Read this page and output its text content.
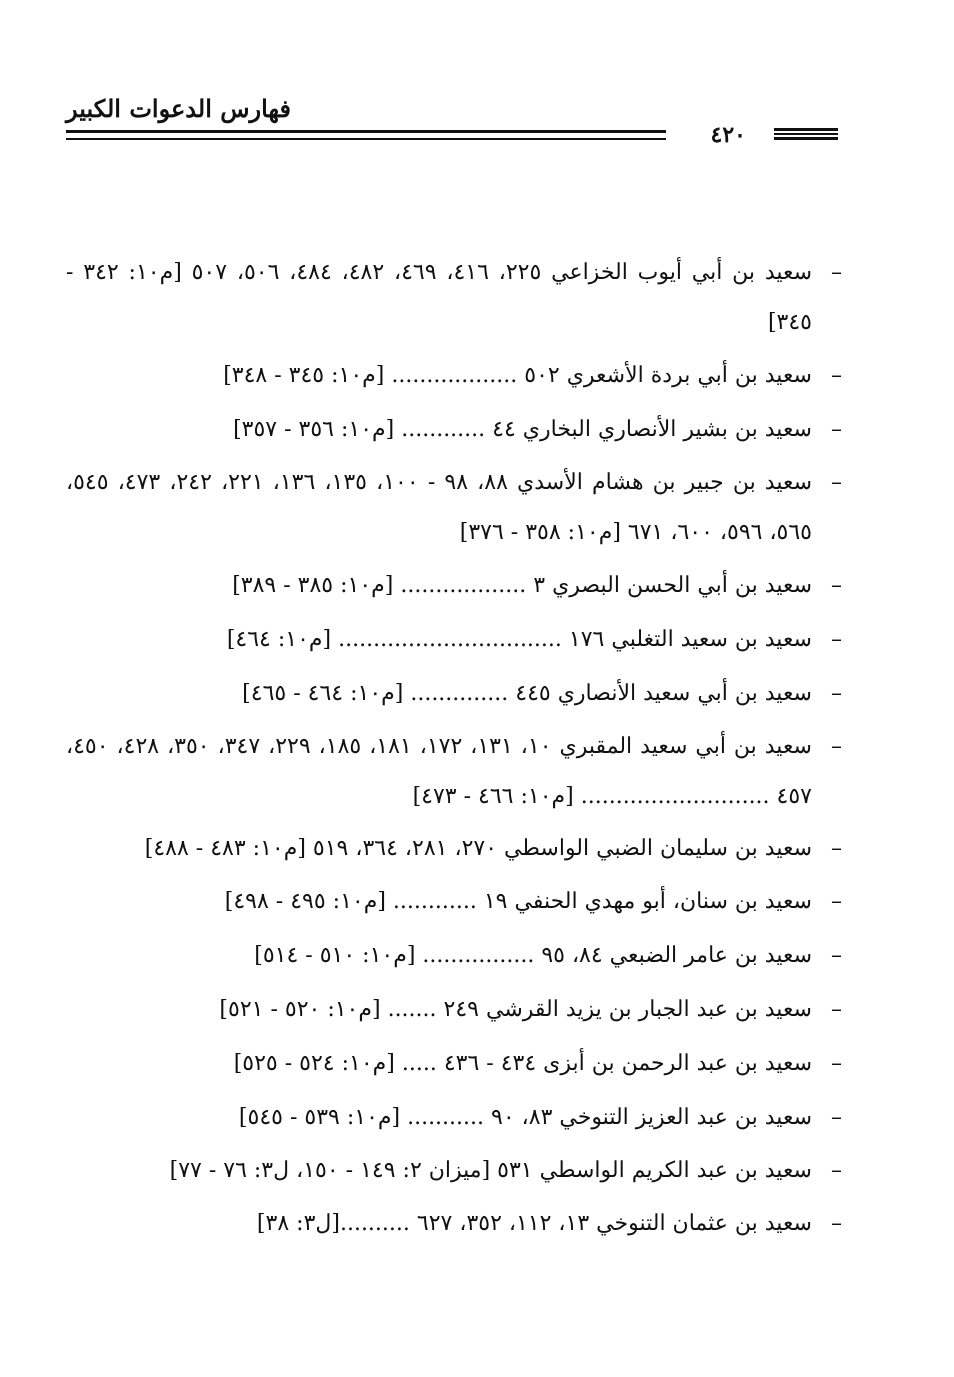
فهارس الدعوات الكبير
٤٢٠
–
سعيد بن أبي أيوب الخزاعي ٢٢٥، ٤١٦، ٤٦٩، ٤٨٢، ٤٨٤، ٥٠٦، ٥٠٧ [م١٠: ٣٤٢ - ٣٤٥]
–
سعيد بن أبي بردة الأشعري ٥٠٢ .................. [م١٠: ٣٤٥ - ٣٤٨]
–
سعيد بن بشير الأنصاري البخاري ٤٤ ............ [م١٠: ٣٥٦ - ٣٥٧]
–
سعيد بن جبير بن هشام الأسدي ٨٨، ٩٨ - ١٠٠، ١٣٥، ١٣٦، ٢٢١، ٢٤٢، ٤٧٣، ٥٤٥، ٥٦٥، ٥٩٦، ٦٠٠، ٦٧١ [م١٠: ٣٥٨ - ٣٧٦]
–
سعيد بن أبي الحسن البصري ٣ .................. [م١٠: ٣٨٥ - ٣٨٩]
–
سعيد بن سعيد التغلبي ١٧٦ ................................ [م١٠: ٤٦٤]
–
سعيد بن أبي سعيد الأنصاري ٤٤٥ .............. [م١٠: ٤٦٤ - ٤٦٥]
–
سعيد بن أبي سعيد المقبري ١٠، ١٣١، ١٧٢، ١٨١، ١٨٥، ٢٢٩، ٣٤٧، ٣٥٠، ٤٢٨، ٤٥٠، ٤٥٧ ........................... [م١٠: ٤٦٦ - ٤٧٣]
–
سعيد بن سليمان الضبي الواسطي ٢٧٠، ٢٨١، ٣٦٤، ٥١٩ [م١٠: ٤٨٣ - ٤٨٨]
–
سعيد بن سنان، أبو مهدي الحنفي ١٩ ............ [م١٠: ٤٩٥ - ٤٩٨]
–
سعيد بن عامر الضبعي ٨٤، ٩٥ ................ [م١٠: ٥١٠ - ٥١٤]
–
سعيد بن عبد الجبار بن يزيد القرشي ٢٤٩ ....... [م١٠: ٥٢٠ - ٥٢١]
–
سعيد بن عبد الرحمن بن أبزى ٤٣٤ - ٤٣٦ ..... [م١٠: ٥٢٤ - ٥٢٥]
–
سعيد بن عبد العزيز التنوخي ٨٣، ٩٠ ........... [م١٠: ٥٣٩ - ٥٤٥]
–
سعيد بن عبد الكريم الواسطي ٥٣١ [ميزان ٢: ١٤٩ - ١٥٠، ل٣: ٧٦ - ٧٧]
–
سعيد بن عثمان التنوخي ١٣، ١١٢، ٣٥٢، ٦٢٧ ..........[ل٣: ٣٨]
